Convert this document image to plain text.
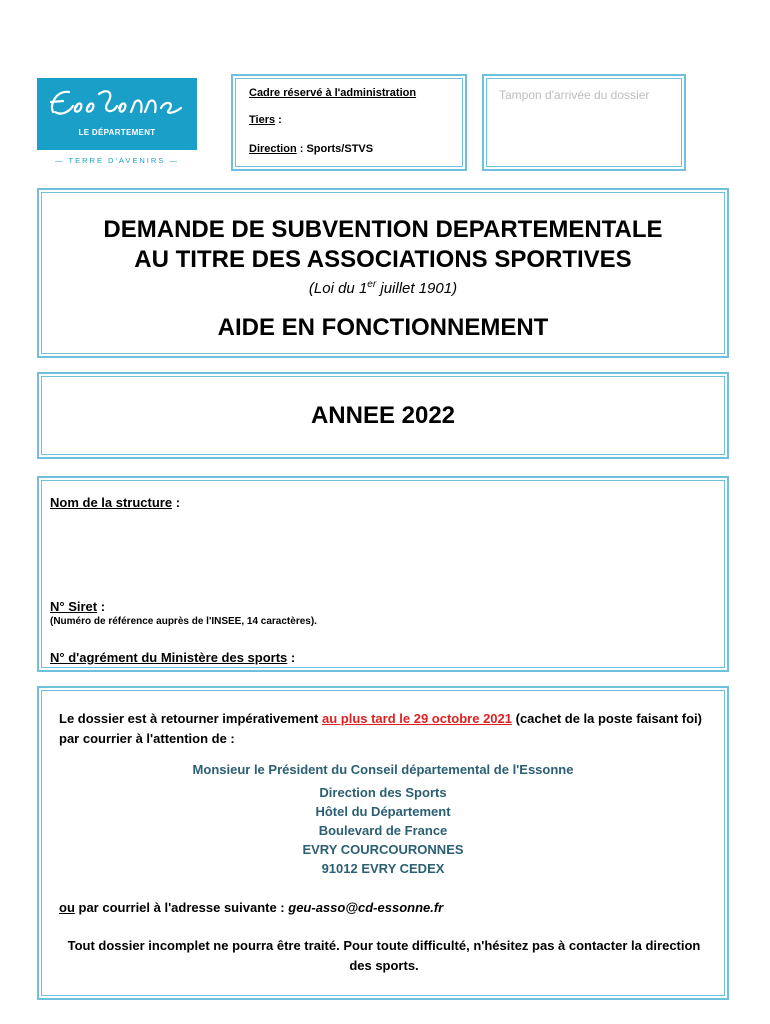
LE DÉPARTEMENT
— TERRE D'AVENIRS —
Cadre réservé à l'administration
Tiers :
Direction : Sports/STVS
Tampon d'arrivée du dossier
DEMANDE DE SUBVENTION DEPARTEMENTALE
AU TITRE DES ASSOCIATIONS SPORTIVES
(Loi du 1er juillet 1901)
AIDE EN FONCTIONNEMENT
ANNEE 2022
Nom de la structure :
N° Siret :
(Numéro de référence auprès de l'INSEE, 14 caractères).
N° d'agrément du Ministère des sports :
Le dossier est à retourner impérativement au plus tard le 29 octobre 2021 (cachet de la poste faisant foi) par courrier à l'attention de :
Monsieur le Président du Conseil départemental de l'Essonne
Direction des Sports
Hôtel du Département
Boulevard de France
EVRY COURCOURONNES
91012 EVRY CEDEX
ou par courriel à l'adresse suivante : geu-asso@cd-essonne.fr
Tout dossier incomplet ne pourra être traité. Pour toute difficulté, n'hésitez pas à contacter la direction des sports.
